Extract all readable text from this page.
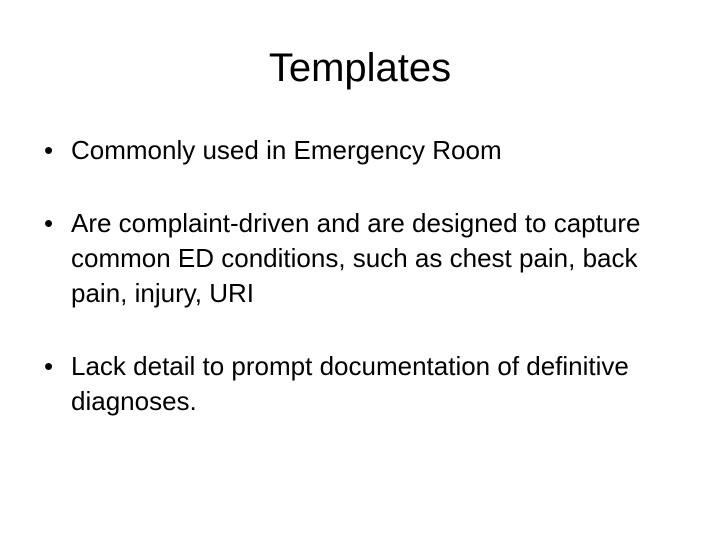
Templates
• Commonly used in Emergency Room
• Are complaint-driven and are designed to capture common ED conditions, such as chest pain, back pain, injury, URI
• Lack detail to prompt documentation of definitive diagnoses.
